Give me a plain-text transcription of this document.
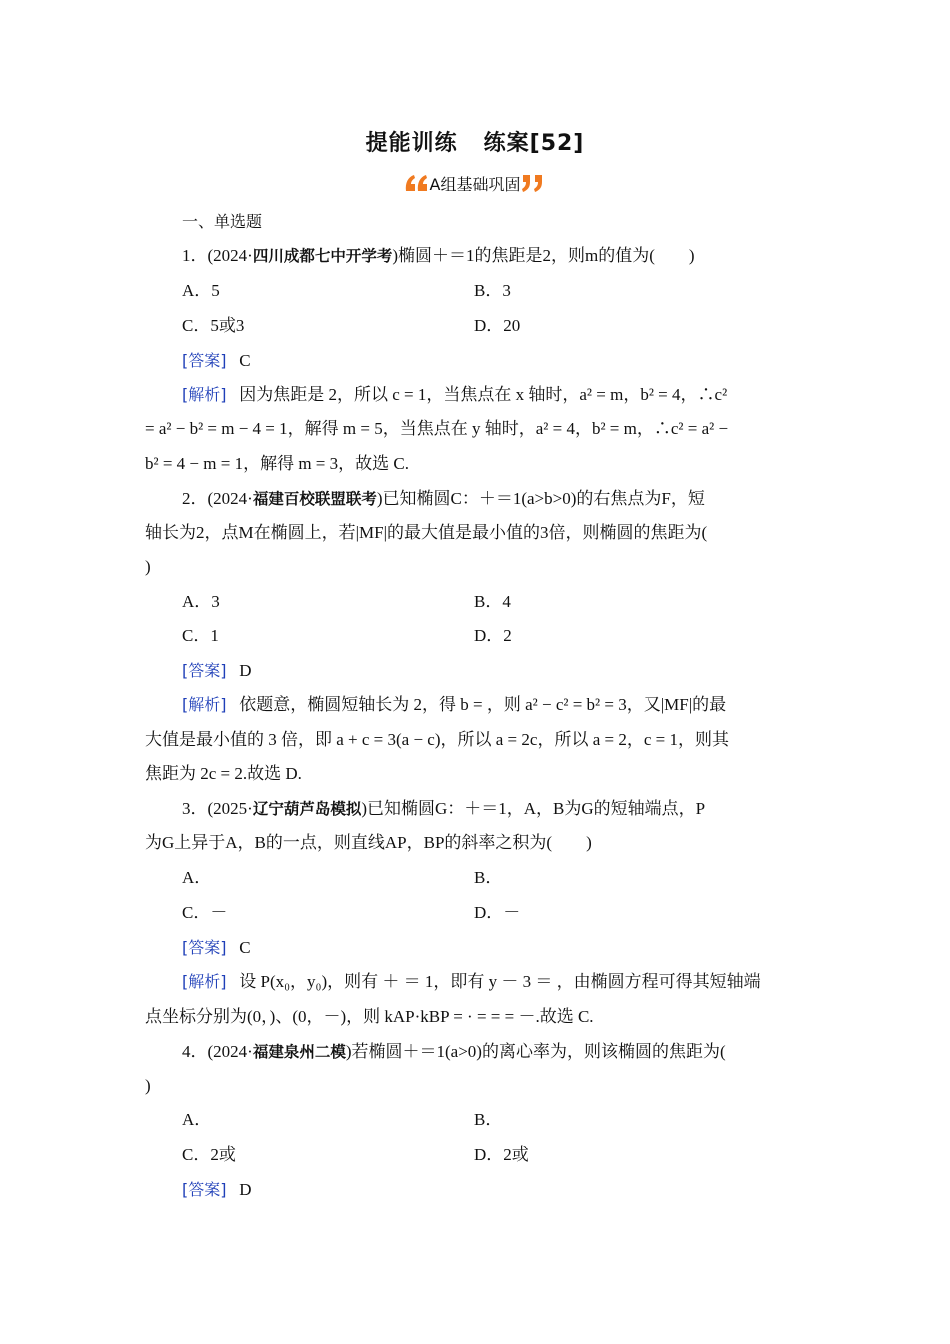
提能训练 练案[52]
A组基础巩固
一、单选题
1．(2024·四川成都七中开学考)椭圆＋＝1的焦距是2，则m的值为(　　)
A．5	B．3
C．5或3	D．20
[答案] C
[解析] 因为焦距是 2，所以 c = 1，当焦点在 x 轴时，a² = m，b² = 4，∴c²
= a² − b² = m − 4 = 1，解得 m = 5，当焦点在 y 轴时，a² = 4，b² = m，∴c² = a² −
b² = 4 − m = 1，解得 m = 3，故选 C.
2．(2024·福建百校联盟联考)已知椭圆C：＋＝1(a>b>0)的右焦点为F，短
轴长为2，点M在椭圆上，若|MF|的最大值是最小值的3倍，则椭圆的焦距为(
)
A．3	B．4
C．1	D．2
[答案] D
[解析] 依题意，椭圆短轴长为 2，得 b = ，则 a² − c² = b² = 3，又|MF|的最
大值是最小值的 3 倍，即 a + c = 3(a − c)，所以 a = 2c，所以 a = 2，c = 1，则其
焦距为 2c = 2.故选 D.
3．(2025·辽宁葫芦岛模拟)已知椭圆G：＋＝1，A，B为G的短轴端点，P
为G上异于A，B的一点，则直线AP，BP的斜率之积为(　　)
A．	B．
C．－	D．－
[答案] C
[解析] 设 P(x₀，y₀)，则有 ＋ ＝ 1，即有 y － 3 ＝ ，由椭圆方程可得其短轴端
点坐标分别为(0，)、(0，－)，则 kAP·kBP = · = = = －.故选 C.
4．(2024·福建泉州二模)若椭圆＋＝1(a>0)的离心率为，则该椭圆的焦距为(
)
A．	B．
C．2或	D．2或
[答案] D
